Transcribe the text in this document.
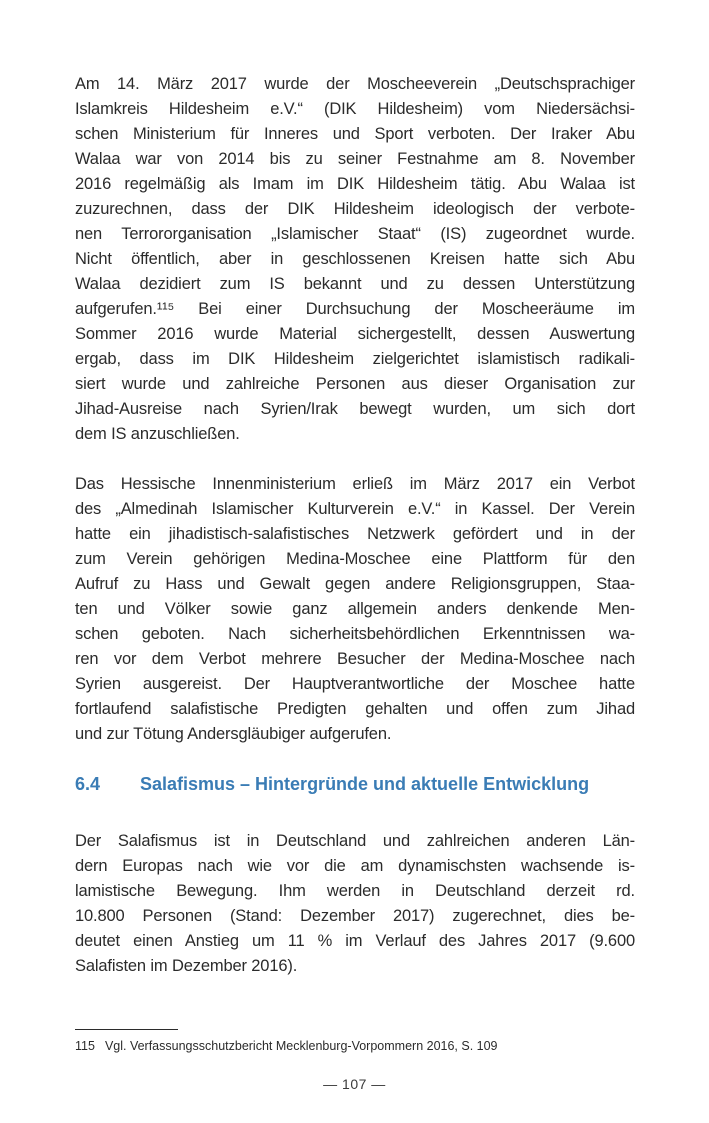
Am 14. März 2017 wurde der Moscheeverein „Deutschsprachiger
Islamkreis Hildesheim e.V.“ (DIK Hildesheim) vom Niedersächsi-
schen Ministerium für Inneres und Sport verboten. Der Iraker Abu
Walaa war von 2014 bis zu seiner Festnahme am 8. November
2016 regelmäßig als Imam im DIK Hildesheim tätig. Abu Walaa ist
zuzurechnen, dass der DIK Hildesheim ideologisch der verbote-
nen Terrororganisation „Islamischer Staat“ (IS) zugeordnet wurde.
Nicht öffentlich, aber in geschlossenen Kreisen hatte sich Abu
Walaa dezidiert zum IS bekannt und zu dessen Unterstützung
aufgerufen.¹¹⁵ Bei einer Durchsuchung der Moscheeräume im
Sommer 2016 wurde Material sichergestellt, dessen Auswertung
ergab, dass im DIK Hildesheim zielgerichtet islamistisch radikali-
siert wurde und zahlreiche Personen aus dieser Organisation zur
Jihad-Ausreise nach Syrien/Irak bewegt wurden, um sich dort
dem IS anzuschließen.
Das Hessische Innenministerium erließ im März 2017 ein Verbot
des „Almedinah Islamischer Kulturverein e.V.“ in Kassel. Der Verein
hatte ein jihadistisch-salafistisches Netzwerk gefördert und in der
zum Verein gehörigen Medina-Moschee eine Plattform für den
Aufruf zu Hass und Gewalt gegen andere Religionsgruppen, Staa-
ten und Völker sowie ganz allgemein anders denkende Men-
schen geboten. Nach sicherheitsbehördlichen Erkenntnissen wa-
ren vor dem Verbot mehrere Besucher der Medina-Moschee nach
Syrien ausgereist. Der Hauptverantwortliche der Moschee hatte
fortlaufend salafistische Predigten gehalten und offen zum Jihad
und zur Tötung Andersgläubiger aufgerufen.
6.4	Salafismus – Hintergründe und aktuelle Entwicklung
Der Salafismus ist in Deutschland und zahlreichen anderen Län-
dern Europas nach wie vor die am dynamischsten wachsende is-
lamistische Bewegung. Ihm werden in Deutschland derzeit rd.
10.800 Personen (Stand: Dezember 2017) zugerechnet, dies be-
deutet einen Anstieg um 11 % im Verlauf des Jahres 2017 (9.600
Salafisten im Dezember 2016).
115 Vgl. Verfassungsschutzbericht Mecklenburg-Vorpommern 2016, S. 109
— 107 —
